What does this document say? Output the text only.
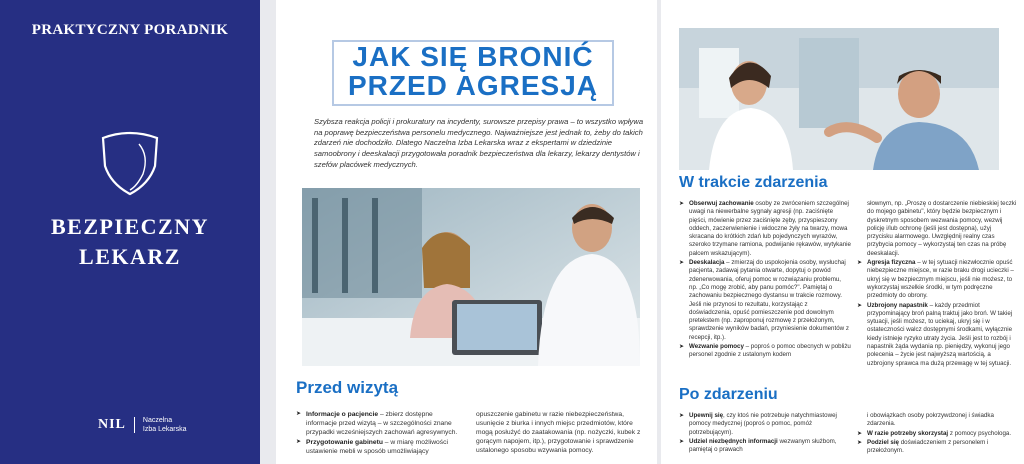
PRAKTYCZNY PORADNIK
BEZPIECZNY
LEKARZ
NIL	Naczelna
Izba Lekarska
JAK SIĘ BRONIĆ
PRZED AGRESJĄ
Szybsza reakcja policji i prokuratury na incydenty, surowsze przepisy prawa – to wszystko wpływa na poprawę bezpieczeństwa personelu medycznego. Najważniejsze jest jednak to, żeby do takich zdarzeń nie dochodziło. Dlatego Naczelna Izba Lekarska wraz z ekspertami w dziedzinie samoobrony i deeskalacji przygotowała poradnik bezpieczeństwa dla lekarzy, lekarzy dentystów i szefów placówek medycznych.
Przed wizytą
➤ Informacje o pacjencie – zbierz dostępne informacje przed wizytą – w szczególności znane przypadki wcześniejszych zachowań agresywnych.
➤ Przygotowanie gabinetu – w miarę możliwości ustawienie mebli w sposób umożliwiający

opuszczenie gabinetu w razie niebezpieczeństwa, usunięcie z biurka i innych miejsc przedmiotów, które mogą posłużyć do zaatakowania (np. nożyczki, kubek z gorącym napojem, itp.), przygotowanie i sprawdzenie ustalonego sposobu wzywania pomocy.

W trakcie zdarzenia
➤ Obserwuj zachowanie osoby ze zwróceniem szczególnej uwagi na niewerbalne sygnały agresji (np. zaciśnięte pięści, mówienie przez zaciśnięte zęby, przyspieszony oddech, zaczerwienienie i widoczne żyły na twarzy, mowa skracana do krótkich zdań lub pojedynczych wyrazów, szeroko trzymane ramiona, podwijanie rękawów, wytykanie palcem wskazującym).
➤ Deeskalacja – zmierzaj do uspokojenia osoby, wysłuchaj pacjenta, zadawaj pytania otwarte, dopytuj o powód zdenerwowania, oferuj pomoc w rozwiązaniu problemu, np. „Co mogę zrobić, aby panu pomóc?". Pamiętaj o zachowaniu bezpiecznego dystansu w trakcie rozmowy. Jeśli nie przynosi to rezultatu, korzystając z doświadczenia, opuść pomieszczenie pod dowolnym pretekstem (np. zaproponuj rozmowę z przełożonym, sprawdzenie wyników badań, przyniesienie dokumentów z recepcji, itp.).
➤ Wezwanie pomocy – poproś o pomoc obecnych w pobliżu personel zgodnie z ustalonym kodem

słownym, np. „Proszę o dostarczenie niebieskiej teczki do mojego gabinetu", który będzie bezpiecznym i dyskretnym sposobem wezwania pomocy, wezwij policję i/lub ochronę (jeśli jest dostępna), użyj przycisku alarmowego. Uwzględnij realny czas przybycia pomocy – wykorzystaj ten czas na próbę deeskalacji.

➤ Agresja fizyczna – w tej sytuacji niezwłocznie opuść niebezpieczne miejsce, w razie braku drogi ucieczki – ukryj się w bezpiecznym miejscu, jeśli nie możesz, to wykorzystaj wszelkie środki, w tym podręczne przedmioty do obrony.
➤ Uzbrojony napastnik – każdy przedmiot przypominający broń palną traktuj jako broń. W takiej sytuacji, jeśli możesz, to uciekaj, ukryj się i w ostateczności walcz dostępnymi środkami, wyłącznie kiedy istnieje ryzyko utraty życia. Jeśli jest to rozbój i napastnik żąda wydania np. pieniędzy, wykonuj jego polecenia – życie jest najwyższą wartością, a uzbrojony sprawca ma dużą przewagę w tej sytuacji.
Po zdarzeniu
➤ Upewnij się, czy ktoś nie potrzebuje natychmiastowej pomocy medycznej (poproś o pomoc, pomóż potrzebującym).
➤ Udziel niezbędnych informacji wezwanym służbom, pamiętaj o prawach

i obowiązkach osoby pokrzywdzonej i świadka zdarzenia.

➤ W razie potrzeby skorzystaj z pomocy psychologa.
➤ Podziel się doświadczeniem z personelem i przełożonym.
